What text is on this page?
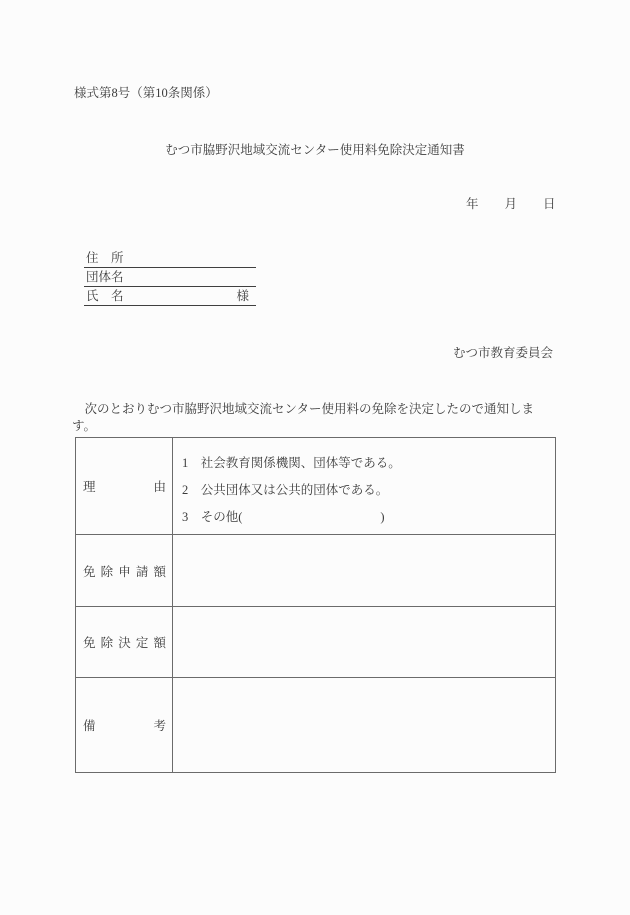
様式第8号（第10条関係）
むつ市脇野沢地域交流センター使用料免除決定通知書
年 月 日
住　所
団体名
氏　名	様
むつ市教育委員会
　次のとおりむつ市脇野沢地域交流センター使用料の免除を決定したので通知します。
理	由
1　社会教育関係機関、団体等である。
2　公共団体又は公共的団体である。
3　その他(	)
免 除 申 請 額
免 除 決 定 額
備	考
